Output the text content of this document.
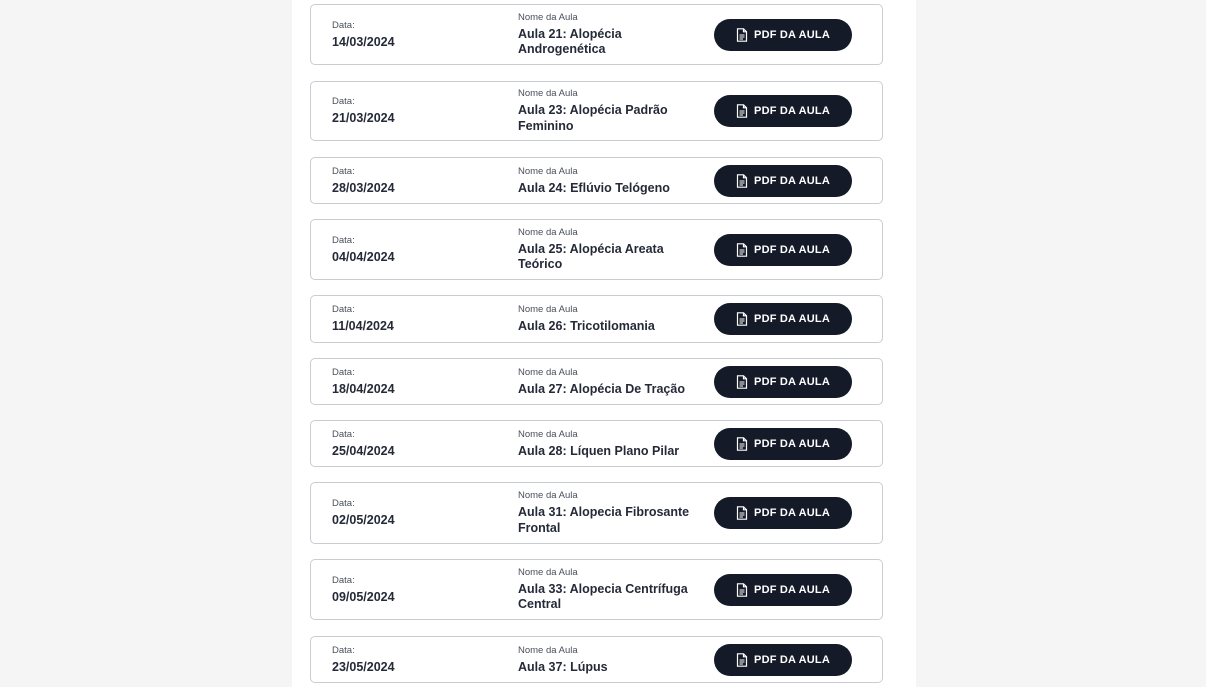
Data:
14/03/2024
Nome da Aula
Aula 21: Alopécia Androgenética
PDF DA AULA
Data:
21/03/2024
Nome da Aula
Aula 23: Alopécia Padrão Feminino
PDF DA AULA
Data:
28/03/2024
Nome da Aula
Aula 24: Eflúvio Telógeno	PDF DA AULA
Data:
04/04/2024
Nome da Aula
Aula 25: Alopécia Areata Teórico
PDF DA AULA
Data:
11/04/2024
Nome da Aula
Aula 26: Tricotilomania	PDF DA AULA
Data:
18/04/2024
Nome da Aula
Aula 27: Alopécia De Tração	PDF DA AULA
Data:
25/04/2024
Nome da Aula
Aula 28: Líquen Plano Pilar	PDF DA AULA
Data:
02/05/2024
Nome da Aula
Aula 31: Alopecia Fibrosante Frontal
PDF DA AULA
Data:
09/05/2024
Nome da Aula
Aula 33: Alopecia Centrífuga Central
PDF DA AULA
Data:
23/05/2024
Nome da Aula
Aula 37: Lúpus	PDF DA AULA
